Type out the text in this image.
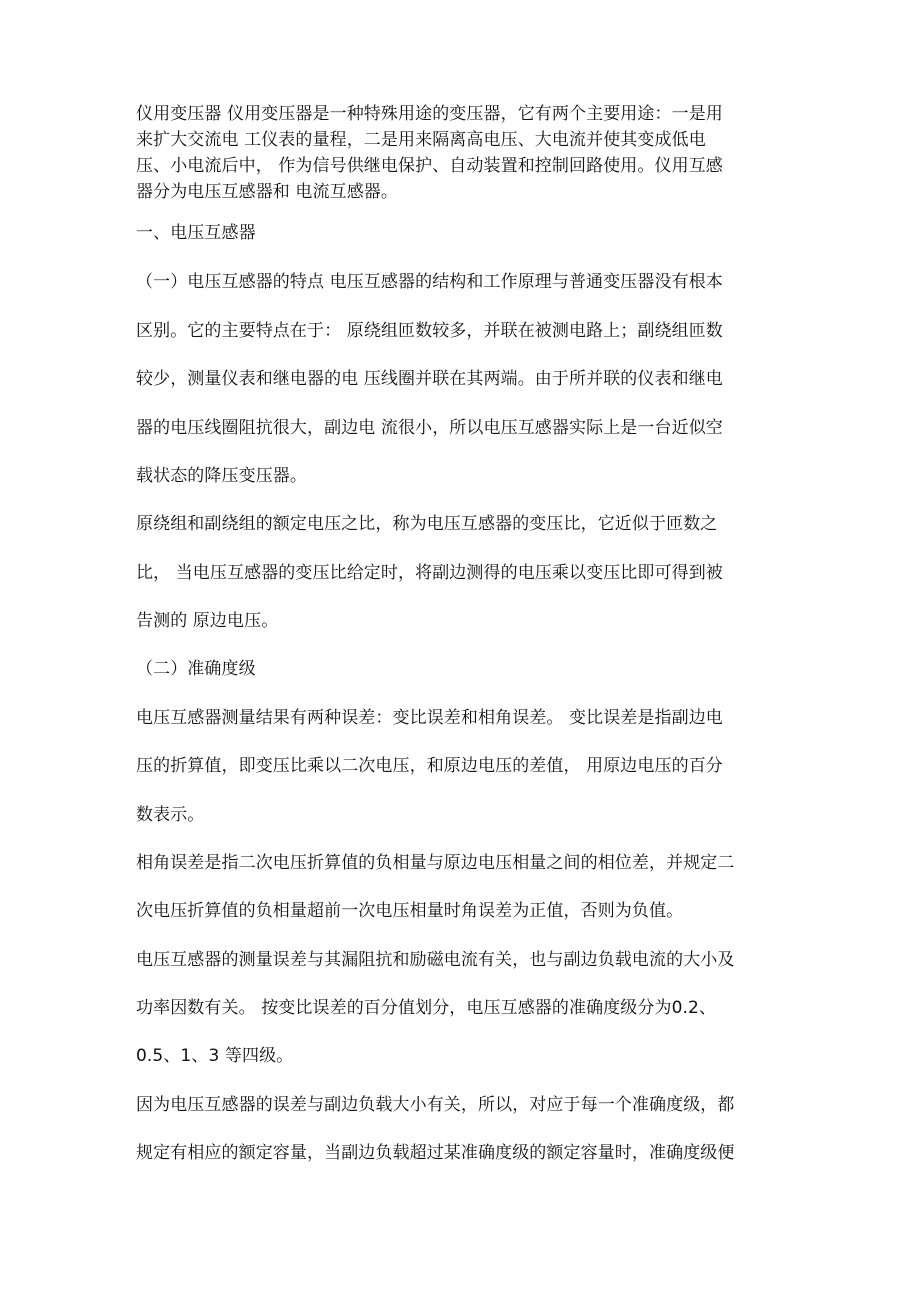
仪用变压器 仪用变压器是一种特殊用途的变压器，它有两个主要用途：一是用
来扩大交流电 工仪表的量程，二是用来隔离高电压、大电流并使其变成低电
压、小电流后中， 作为信号供继电保护、自动装置和控制回路使用。仪用互感
器分为电压互感器和 电流互感器。
一、电压互感器
（一）电压互感器的特点 电压互感器的结构和工作原理与普通变压器没有根本
区别。它的主要特点在于： 原绕组匝数较多，并联在被测电路上；副绕组匝数
较少，测量仪表和继电器的电 压线圈并联在其两端。由于所并联的仪表和继电
器的电压线圈阻抗很大，副边电 流很小，所以电压互感器实际上是一台近似空
载状态的降压变压器。
原绕组和副绕组的额定电压之比，称为电压互感器的变压比，它近似于匝数之
比， 当电压互感器的变压比给定时，将副边测得的电压乘以变压比即可得到被
告测的 原边电压。
（二）准确度级
电压互感器测量结果有两种误差：变比误差和相角误差。 变比误差是指副边电
压的折算值，即变压比乘以二次电压，和原边电压的差值， 用原边电压的百分
数表示。
相角误差是指二次电压折算值的负相量与原边电压相量之间的相位差，并规定二
次电压折算值的负相量超前一次电压相量时角误差为正值，否则为负值。
电压互感器的测量误差与其漏阻抗和励磁电流有关，也与副边负载电流的大小及
功率因数有关。 按变比误差的百分值划分，电压互感器的准确度级分为0.2、
0.5、1、3 等四级。
因为电压互感器的误差与副边负载大小有关，所以，对应于每一个准确度级，都
规定有相应的额定容量，当副边负载超过某准确度级的额定容量时，准确度级便
